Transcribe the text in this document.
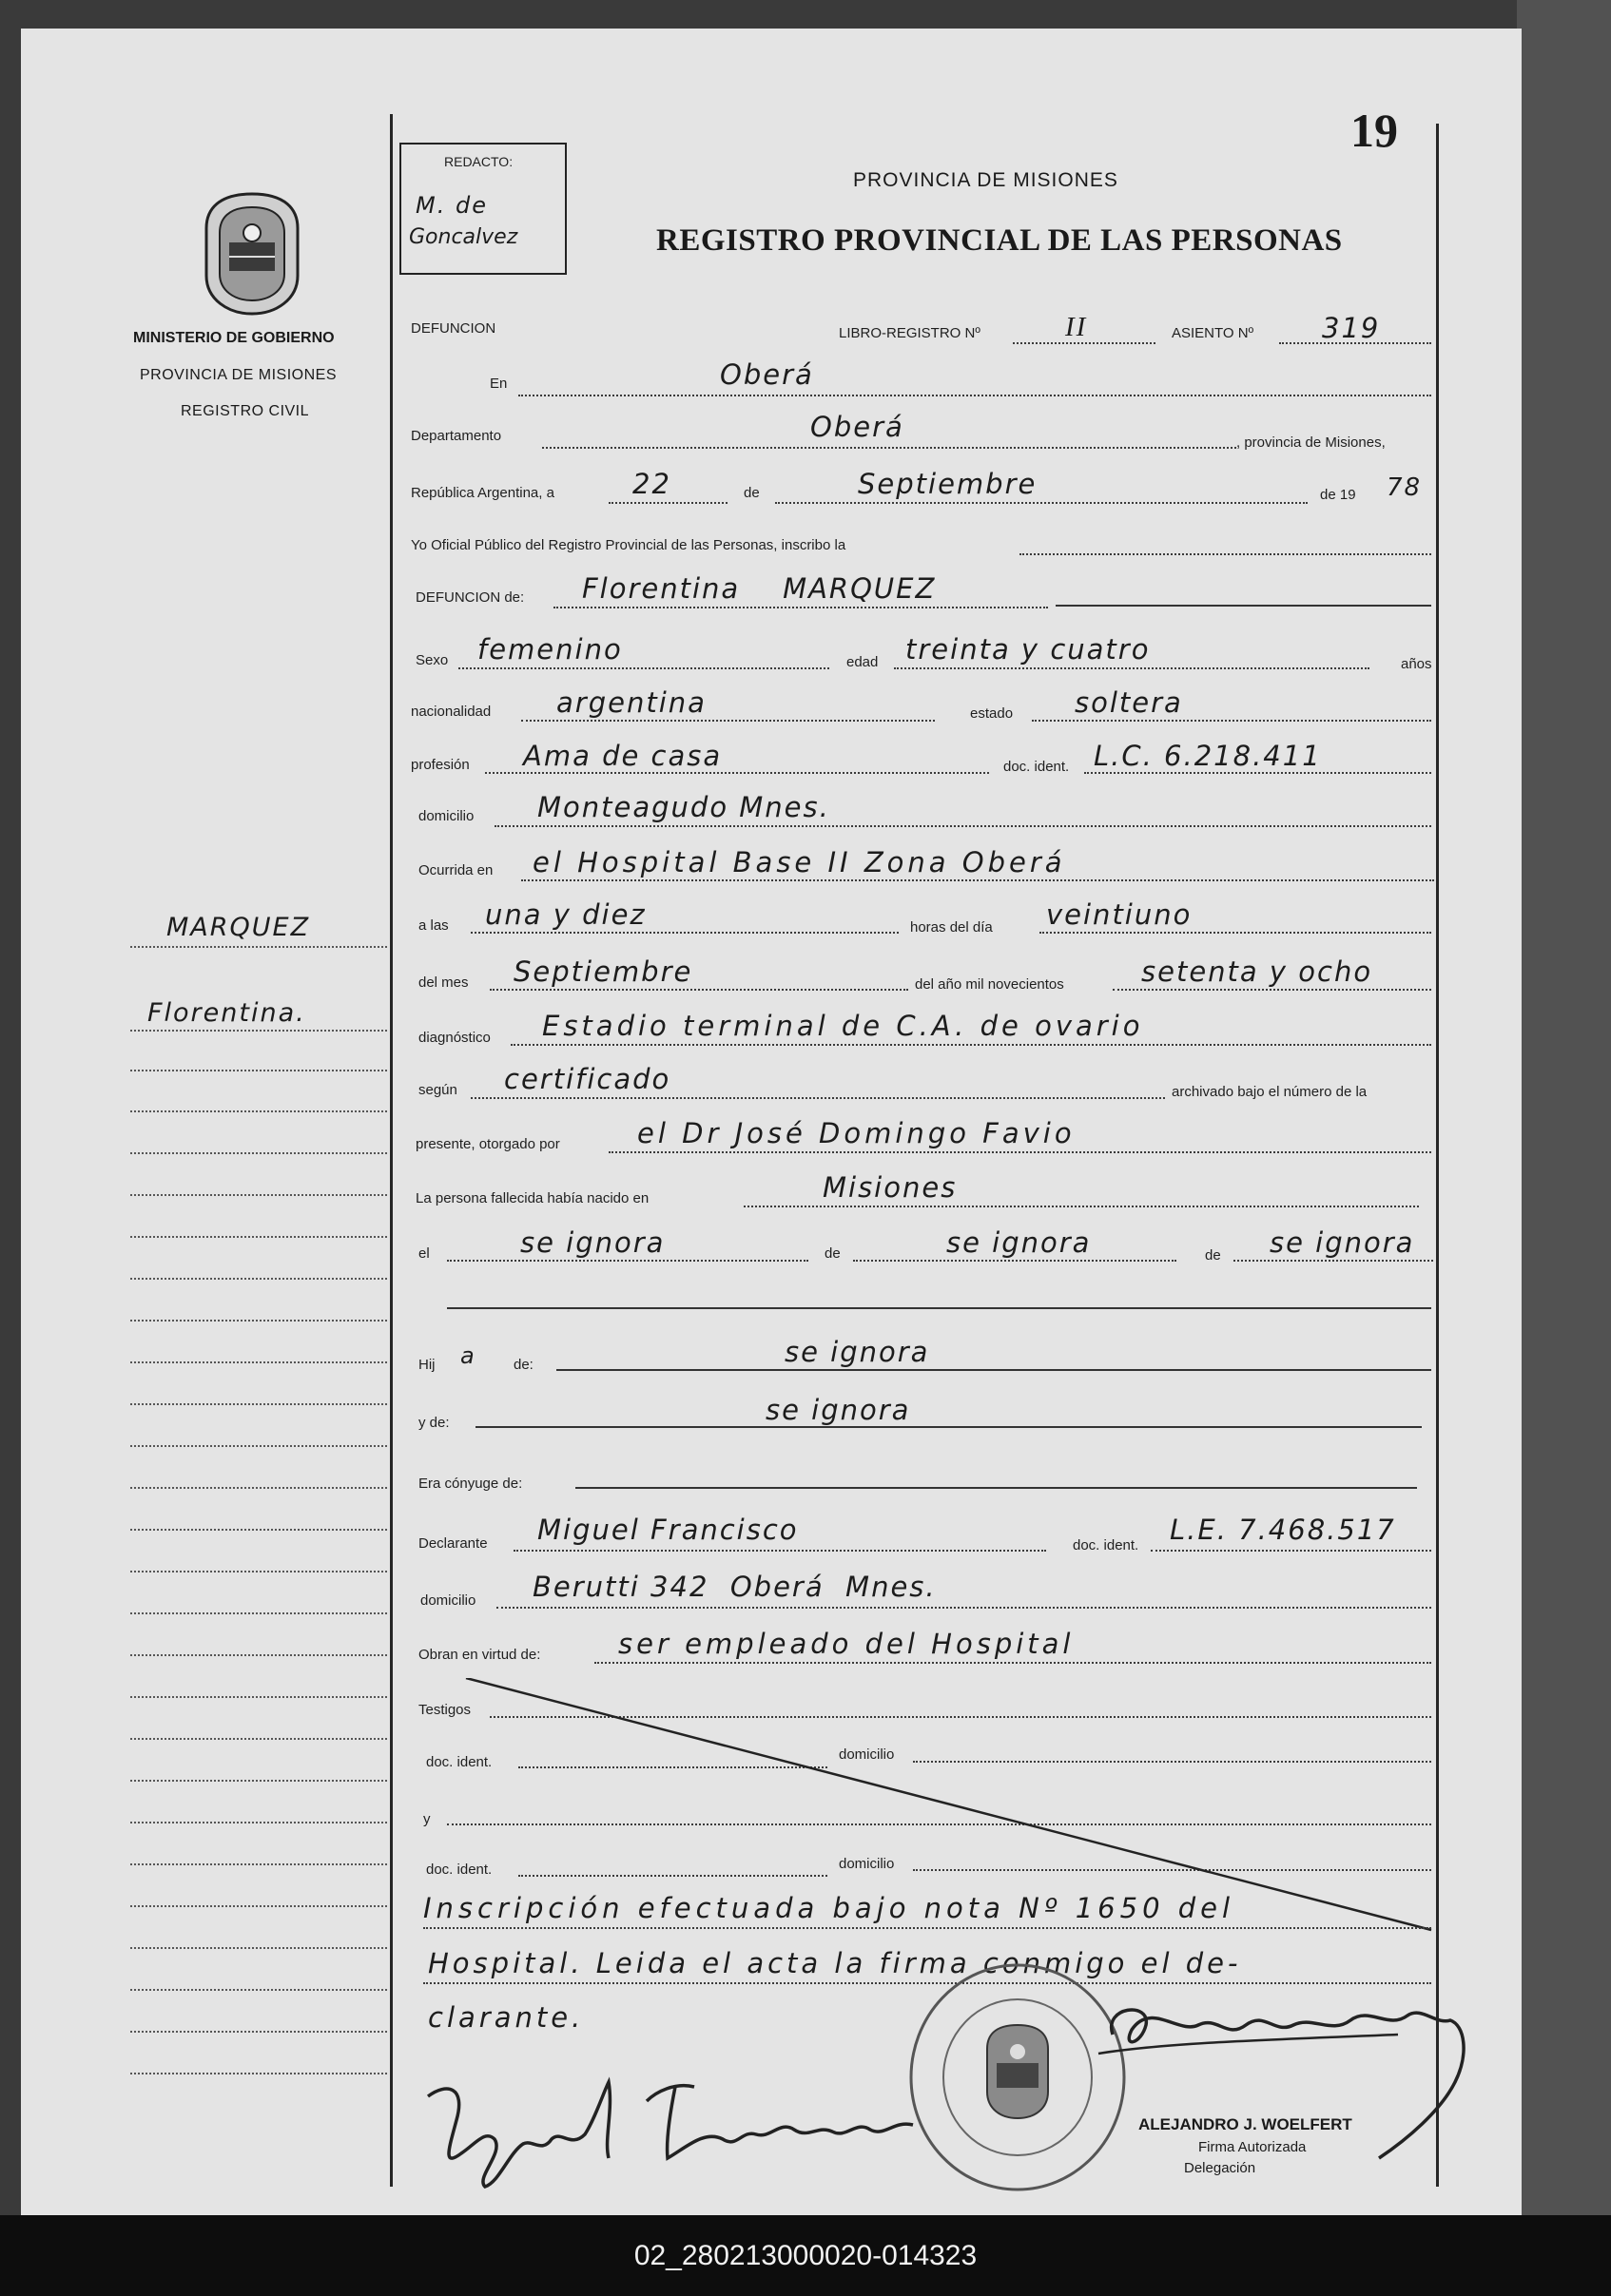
MINISTERIO DE GOBIERNO
PROVINCIA DE MISIONES
REGISTRO CIVIL
REDACTO:
M. de
Goncalvez
19
PROVINCIA DE MISIONES
REGISTRO PROVINCIAL DE LAS PERSONAS
MARQUEZ
Florentina.
DEFUNCION	LIBRO-REGISTRO Nº	II	ASIENTO Nº 319
En	Oberá
Departamento	Oberá	, provincia de Misiones,
República Argentina, a	22	de	Septiembre	de 19 78
Yo Oficial Público del Registro Provincial de las Personas, inscribo la
DEFUNCION de: Florentina    MARQUEZ
Sexo femenino	edad treinta y cuatro	años
nacionalidad argentina	estado soltera
profesión Ama de casa	doc. ident. L.C. 6.218.411
domicilio Monteagudo Mnes.
Ocurrida en el Hospital Base II Zona Oberá
a las una y diez	horas del día veintiuno
del mes Septiembre	del año mil novecientos	setenta y ocho
diagnóstico Estadio terminal de C.A. de ovario
según certificado	archivado bajo el número de la
presente, otorgado por	el Dr José Domingo Favio
La persona fallecida había nacido en	Misiones
el	se ignora	de	se ignora	de se ignora
Hij a	de:	se ignora
y de:	se ignora
Era cónyuge de:
Declarante Miguel Francisco	doc. ident. L.E. 7.468.517
domicilio Berutti 342  Oberá  Mnes.
Obran en virtud de:	ser empleado del Hospital
Testigos
doc. ident.	domicilio
y
doc. ident.	domicilio
Inscripción efectuada bajo nota Nº 1650 del
Hospital. Leida el acta la firma conmigo el de-
clarante.
ALEJANDRO J. WOELFERT
Firma Autorizada
Delegación
02_280213000020-014323
